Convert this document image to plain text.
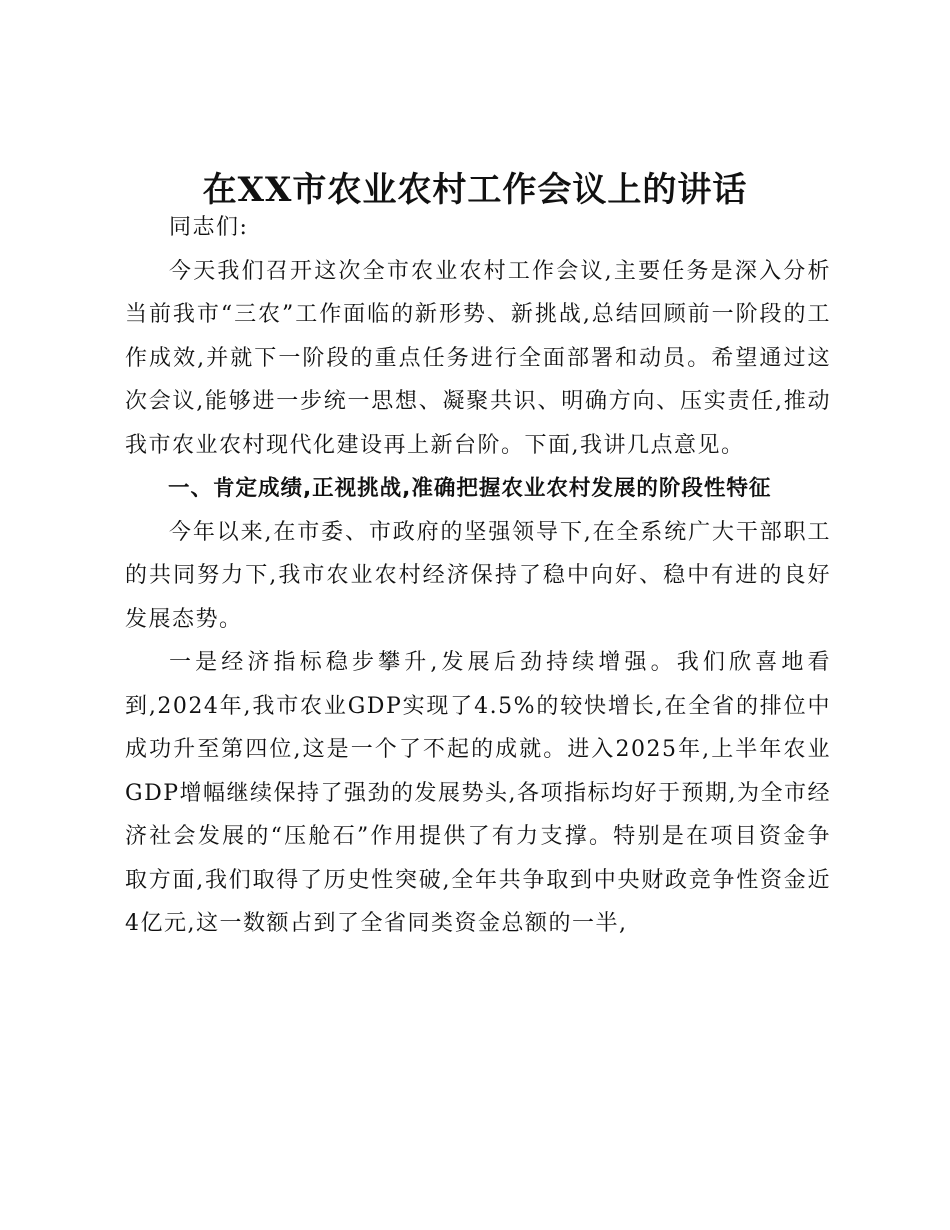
在XX市农业农村工作会议上的讲话

同志们:

今天我们召开这次全市农业农村工作会议,主要任务是深入分析当前我市“三农”工作面临的新形势、新挑战,总结回顾前一阶段的工作成效,并就下一阶段的重点任务进行全面部署和动员。希望通过这次会议,能够进一步统一思想、凝聚共识、明确方向、压实责任,推动我市农业农村现代化建设再上新台阶。下面,我讲几点意见。

一、肯定成绩,正视挑战,准确把握农业农村发展的阶段性特征

今年以来,在市委、市政府的坚强领导下,在全系统广大干部职工的共同努力下,我市农业农村经济保持了稳中向好、稳中有进的良好发展态势。

一是经济指标稳步攀升,发展后劲持续增强。我们欣喜地看到,2024年,我市农业GDP实现了4.5%的较快增长,在全省的排位中成功升至第四位,这是一个了不起的成就。进入2025年,上半年农业GDP增幅继续保持了强劲的发展势头,各项指标均好于预期,为全市经济社会发展的“压舱石”作用提供了有力支撑。特别是在项目资金争取方面,我们取得了历史性突破,全年共争取到中央财政竞争性资金近4亿元,这一数额占到了全省同类资金总额的一半,
